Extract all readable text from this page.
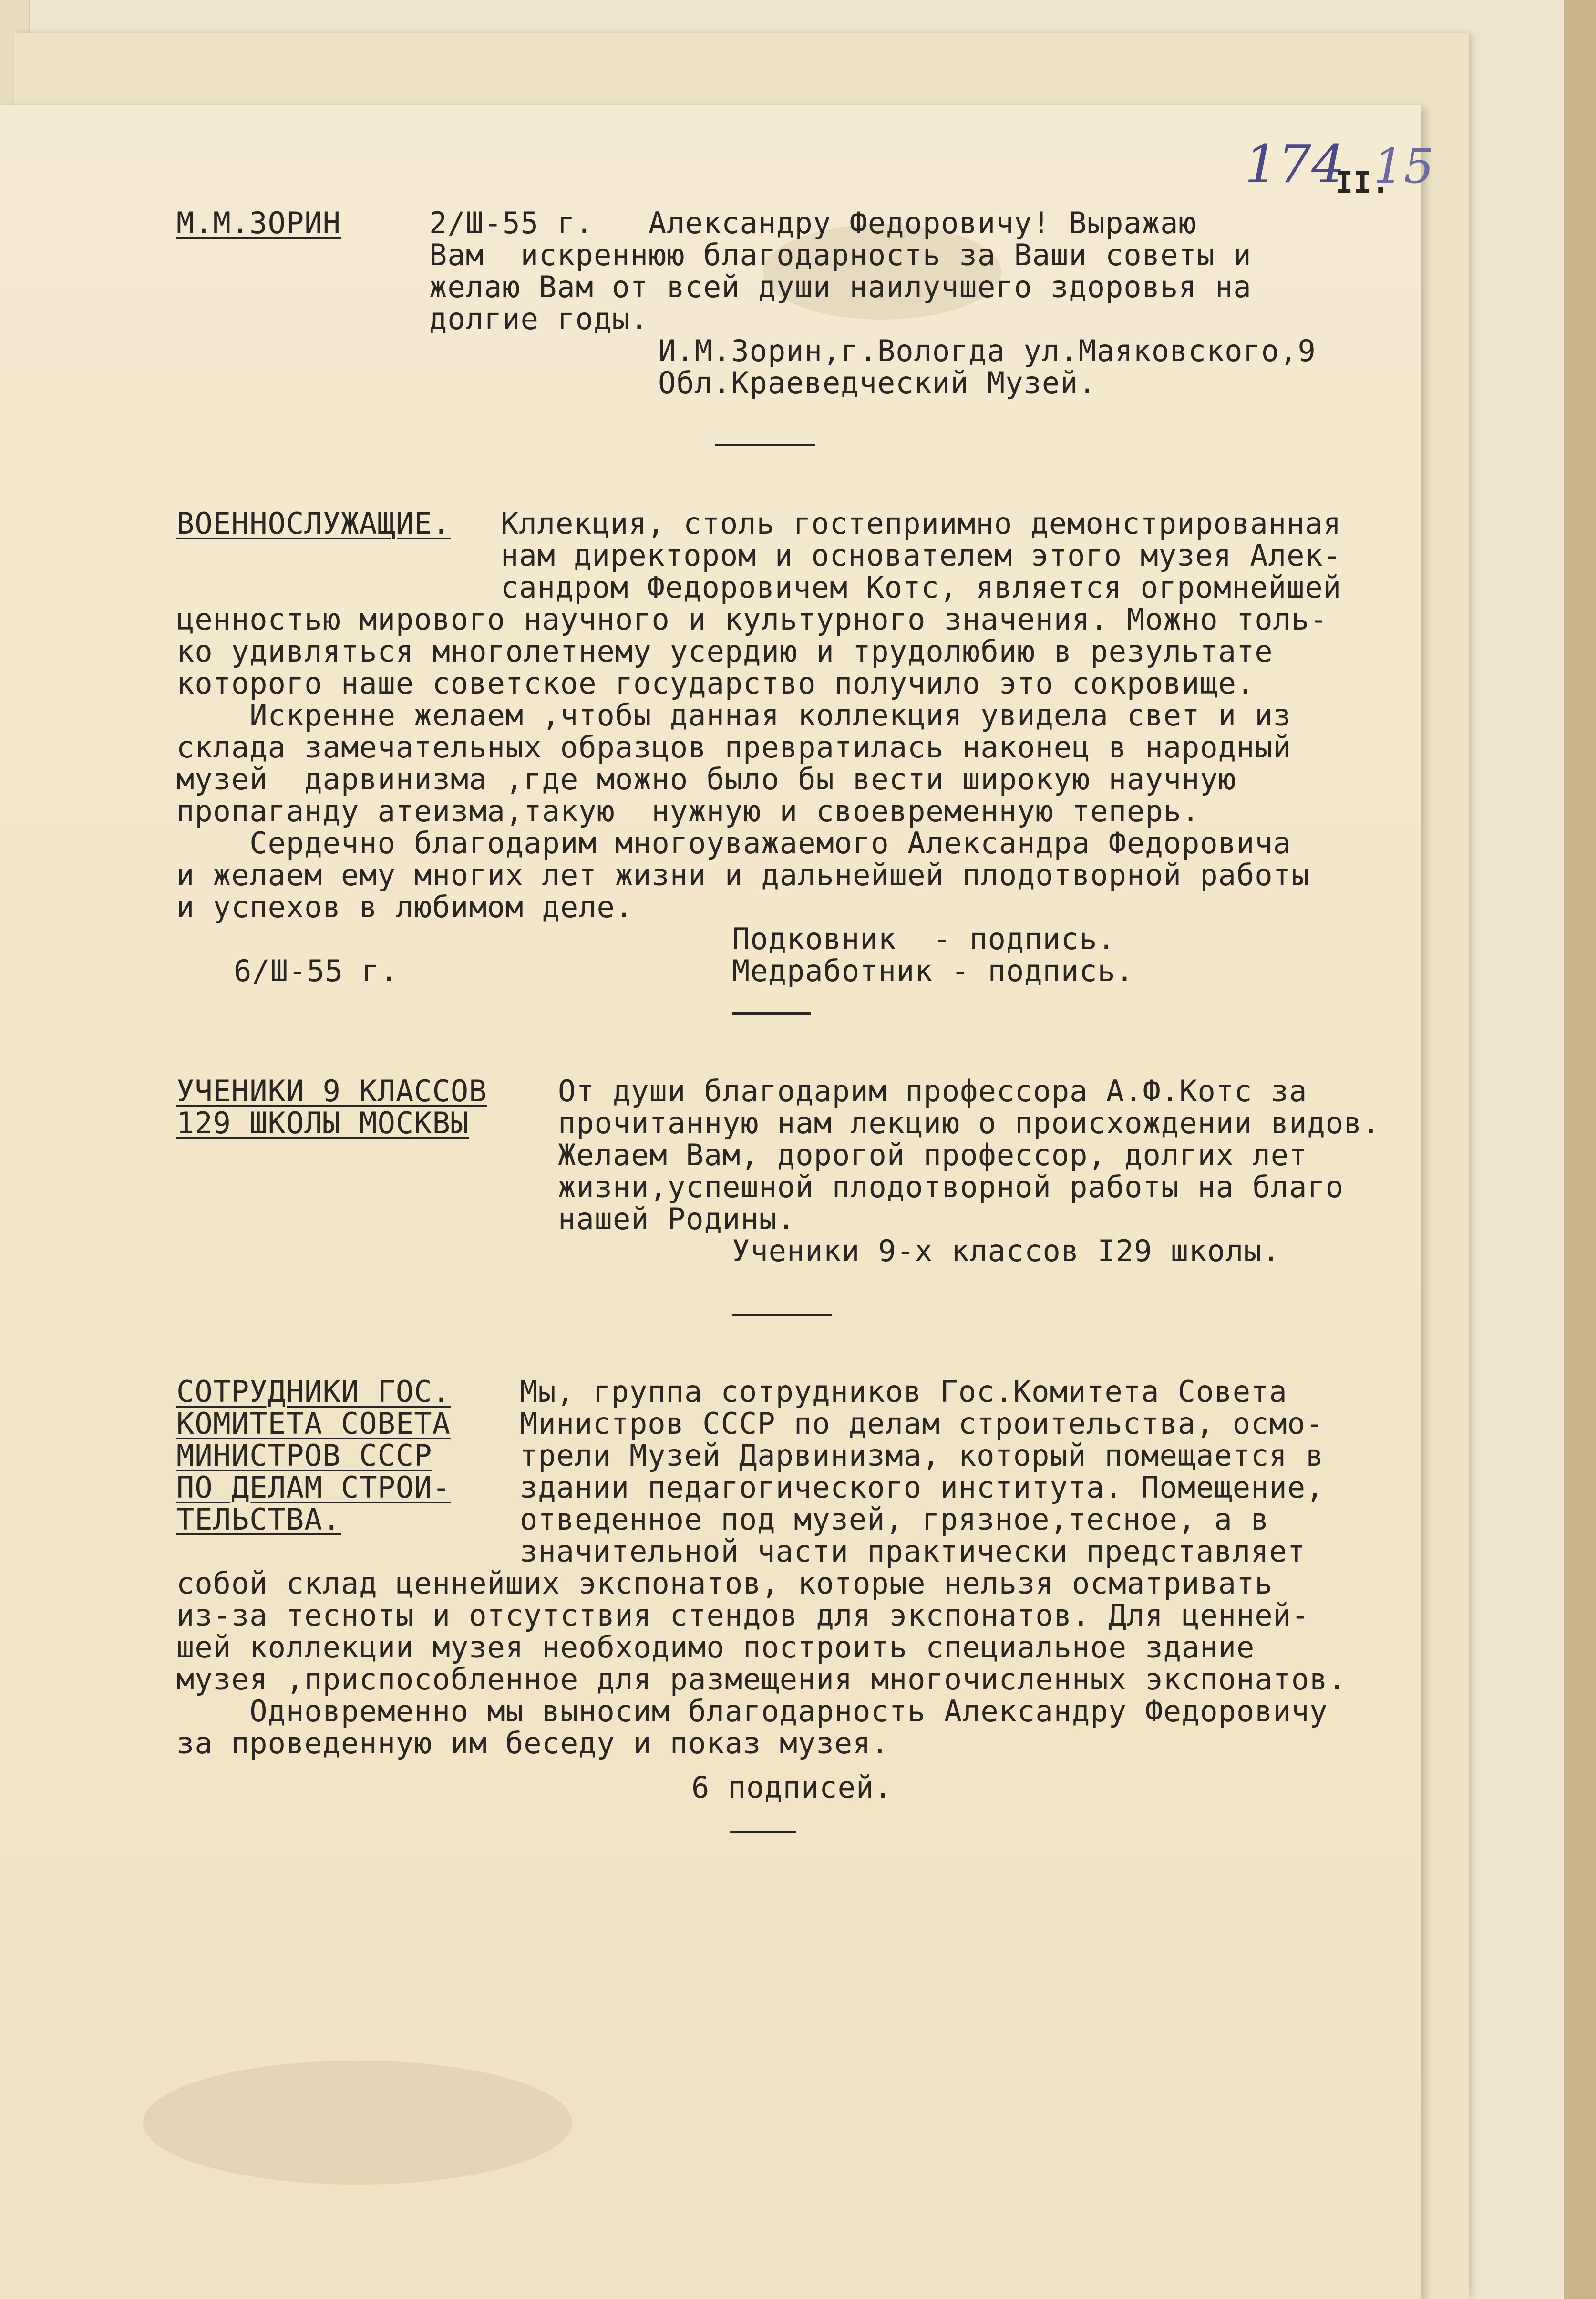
174
II.
15
М.М.ЗОРИН	2/Ш-55 г.   Александру Федоровичу! Выражаю
Вам  искреннюю благодарность за Ваши советы и
желаю Вам от всей души наилучшего здоровья на
долгие годы.
И.М.Зорин,г.Вологда ул.Маяковского,9
Обл.Краеведческий Музей.
ВОЕННОСЛУЖАЩИЕ. Кллекция, столь гостеприимно демонстрированная
нам директором и основателем этого музея Алек-
сандром Федоровичем Котс, является огромнейшей
ценностью мирового научного и культурного значения. Можно толь-
ко удивляться многолетнему усердию и трудолюбию в результате
которого наше советское государство получило это сокровище.
Искренне желаем ,чтобы данная коллекция увидела свет и из
склада замечательных образцов превратилась наконец в народный
музей  дарвинизма ,где можно было бы вести широкую научную
пропаганду атеизма,такую  нужную и своевременную теперь.
Сердечно благодарим многоуважаемого Александра Федоровича
и желаем ему многих лет жизни и дальнейшей плодотворной работы
и успехов в любимом деле.
Подковник  - подпись.
Медработник - подпись.
6/Ш-55 г.
УЧЕНИКИ 9 КЛАССОВ
129 ШКОЛЫ МОСКВЫ
От души благодарим профессора А.Ф.Котс за
прочитанную нам лекцию о происхождении видов.
Желаем Вам, дорогой профессор, долгих лет
жизни,успешной плодотворной работы на благо
нашей Родины.
Ученики 9-х классов I29 школы.
СОТРУДНИКИ ГОС.
КОМИТЕТА СОВЕТА
МИНИСТРОВ СССР
ПО ДЕЛАМ СТРОИ-
ТЕЛЬСТВА.
Мы, группа сотрудников Гос.Комитета Совета
Министров СССР по делам строительства, осмо-
трели Музей Дарвинизма, который помещается в
здании педагогического института. Помещение,
отведенное под музей, грязное,тесное, а в
значительной части практически представляет
собой склад ценнейших экспонатов, которые нельзя осматривать
из-за тесноты и отсутствия стендов для экспонатов. Для ценней-
шей коллекции музея необходимо построить специальное здание
музея ,приспособленное для размещения многочисленных экспонатов.
Одновременно мы выносим благодарность Александру Федоровичу
за проведенную им беседу и показ музея.
6 подписей.
